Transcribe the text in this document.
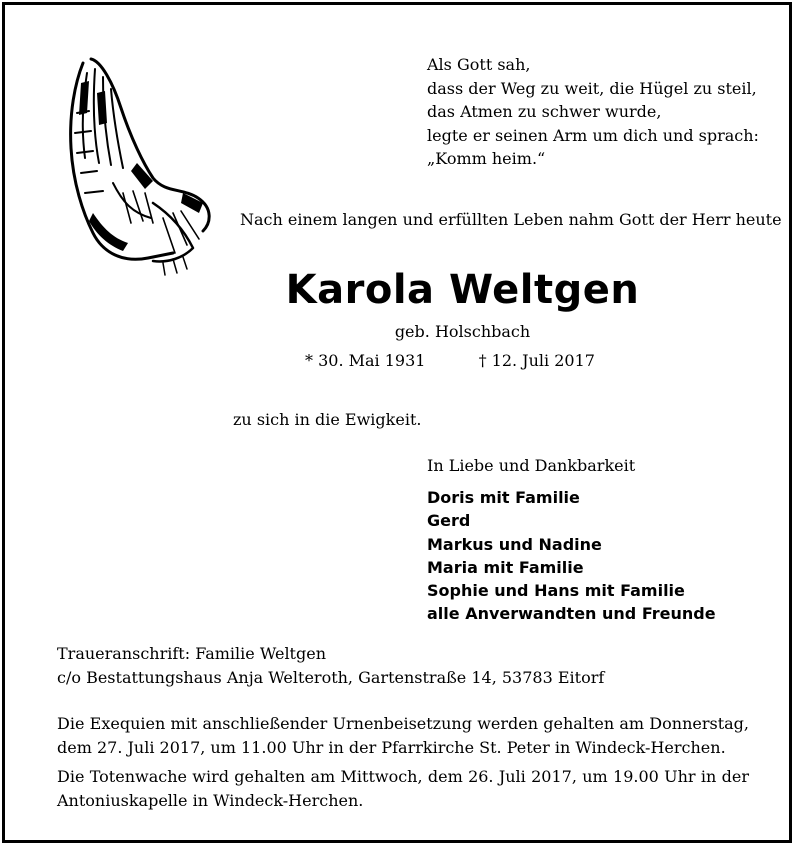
Als Gott sah,
dass der Weg zu weit, die Hügel zu steil,
das Atmen zu schwer wurde,
legte er seinen Arm um dich und sprach:
„Komm heim.“
Nach einem langen und erfüllten Leben nahm Gott der Herr heute
Karola Weltgen
geb. Holschbach
* 30. Mai 1931	† 12. Juli 2017
zu sich in die Ewigkeit.
In Liebe und Dankbarkeit
Doris mit Familie
Gerd
Markus und Nadine
Maria mit Familie
Sophie und Hans mit Familie
alle Anverwandten und Freunde
Traueranschrift: Familie Weltgen
c/o Bestattungshaus Anja Welteroth, Gartenstraße 14, 53783 Eitorf
Die Exequien mit anschließender Urnenbeisetzung werden gehalten am Donnerstag, dem 27. Juli 2017, um 11.00 Uhr in der Pfarrkirche St. Peter in Windeck-Herchen.
Die Totenwache wird gehalten am Mittwoch, dem 26. Juli 2017, um 19.00 Uhr in der Antoniuskapelle in Windeck-Herchen.
